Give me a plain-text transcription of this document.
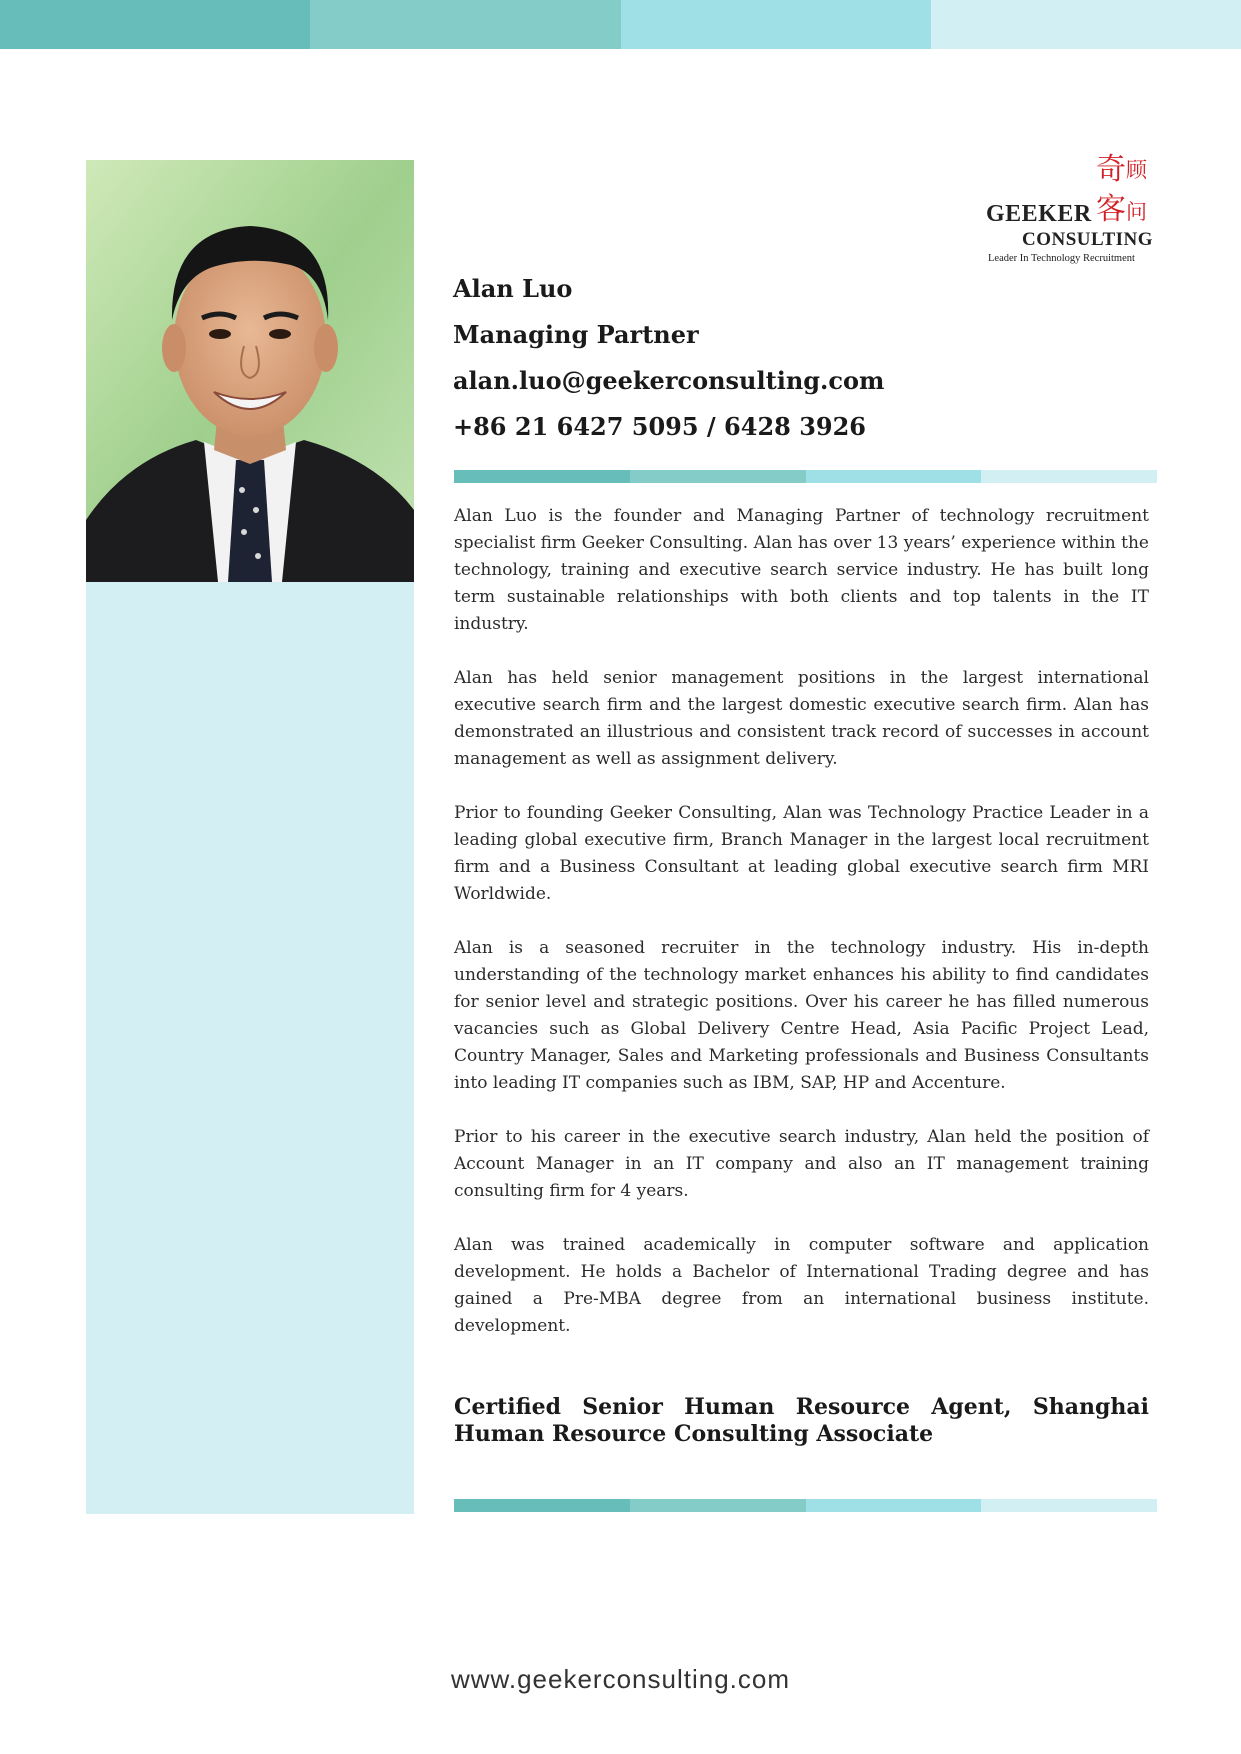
奇顾
GEEKER 客问
CONSULTING
Leader In Technology Recruitment
Alan Luo
Managing Partner
alan.luo@geekerconsulting.com
+86 21 6427 5095 / 6428 3926

Alan Luo is the founder and Managing Partner of technology recruitment specialist firm Geeker Consulting. Alan has over 13 years’ experience within the technology, training and executive search service industry. He has built long term sustainable relationships with both clients and top talents in the IT industry.

Alan has held senior management positions in the largest international executive search firm and the largest domestic executive search firm. Alan has demonstrated an illustrious and consistent track record of successes in account management as well as assignment delivery.

Prior to founding Geeker Consulting, Alan was Technology Practice Leader in a leading global executive firm, Branch Manager in the largest local recruitment firm and a Business Consultant at leading global executive search firm MRI Worldwide.

Alan is a seasoned recruiter in the technology industry. His in-depth understanding of the technology market enhances his ability to find candidates for senior level and strategic positions. Over his career he has filled numerous vacancies such as Global Delivery Centre Head, Asia Pacific Project Lead, Country Manager, Sales and Marketing professionals and Business Consultants into leading IT companies such as IBM, SAP, HP and Accenture.

Prior to his career in the executive search industry, Alan held the position of Account Manager in an IT company and also an IT management training consulting firm for 4 years.

Alan was trained academically in computer software and application development. He holds a Bachelor of International Trading degree and has gained a Pre-MBA degree from an international business institute. development.

Certified Senior Human Resource Agent, Shanghai Human Resource Consulting Associate
www.geekerconsulting.com
